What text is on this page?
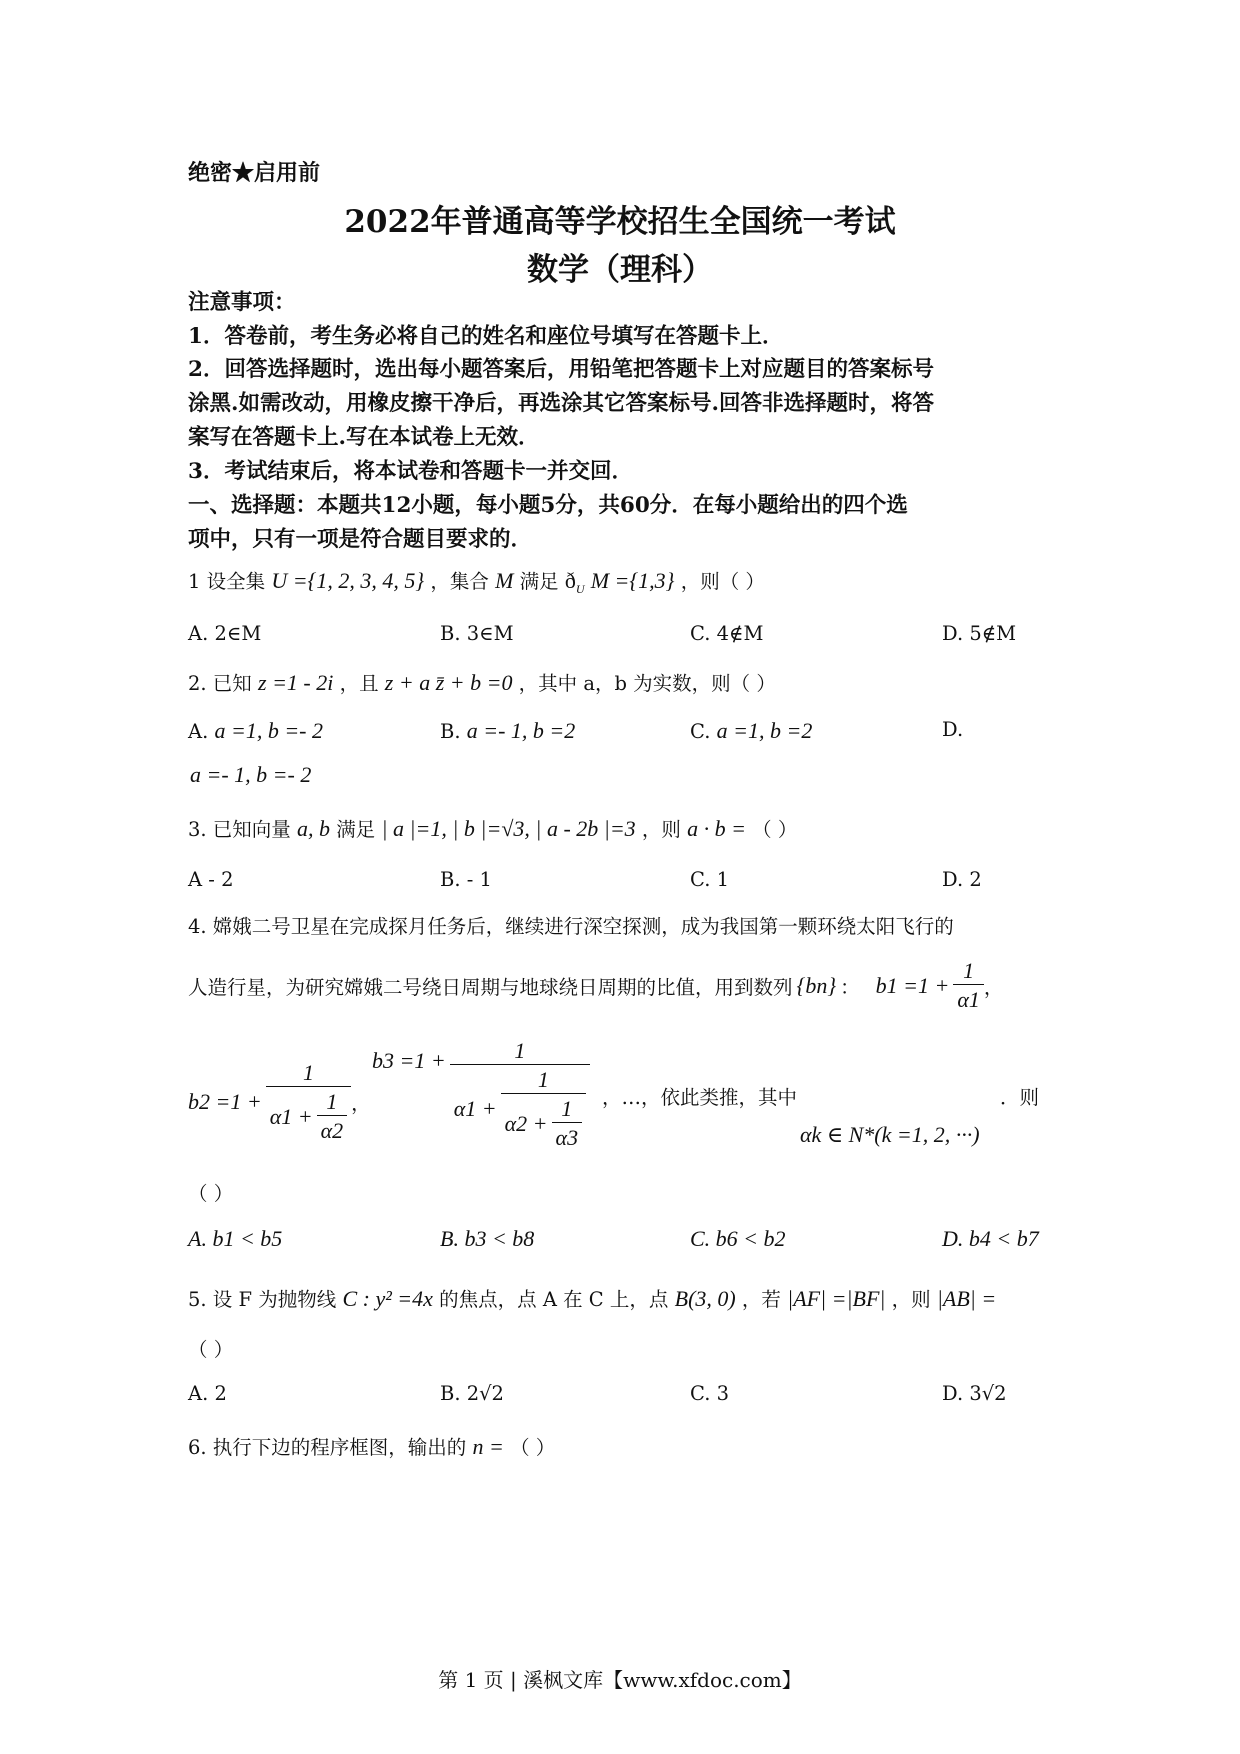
绝密★启用前
2022年普通高等学校招生全国统一考试
数学（理科）
注意事项：
1．答卷前，考生务必将自己的姓名和座位号填写在答题卡上．
2．回答选择题时，选出每小题答案后，用铅笔把答题卡上对应题目的答案标号
涂黑.如需改动，用橡皮擦干净后，再选涂其它答案标号.回答非选择题时，将答
案写在答题卡上.写在本试卷上无效．
3．考试结束后，将本试卷和答题卡一并交回．
一、选择题：本题共12小题，每小题5分，共60分．在每小题给出的四个选
项中，只有一项是符合题目要求的．
1 设全集 U ={1, 2, 3, 4, 5} ，集合 M 满足 $ð_U$ M ={1,3} ，则（ ）
A. 2∈M	B. 3∈M	C. 4∉M	D. 5∉M
2. 已知 z =1 - 2i ，且 z + a z̄ + b =0 ，其中 a，b 为实数，则（ ）
A. a =1, b =- 2	B. a =- 1, b =2	C. a =1, b =2	D.
a =- 1, b =- 2
3. 已知向量 a, b 满足 | a |=1, | b |=√3, | a - 2b |=3 ，则 a · b = （ ）
A - 2	B. - 1	C. 1	D. 2
4. 嫦娥二号卫星在完成探月任务后，继续进行深空探测，成为我国第一颗环绕太阳飞行的
人造行星，为研究嫦娥二号绕日周期与地球绕日周期的比值，用到数列 {bn} ： $b1 =1 + \frac{1}{\alpha 1}$ ，
$b2 =1 + \frac{1}{\alpha 1 + \frac{1}{\alpha 2}}$ ，
b3 =1 +	1
$\alpha 1 + \frac{1}{\alpha 2 + \frac{1}{\alpha 3}}$ ，…，依此类推，其中
αk ∈ N*(k =1, 2, ···)
．则
（ ）
A. b1 < b5	B. b3 < b8	C. b6 < b2	D. b4 < b7
5. 设 F 为抛物线 C : y² =4x 的焦点，点 A 在 C 上，点 B(3, 0) ，若 |AF| =|BF| ，则 |AB| =
（ ）
A. 2	B. 2√2	C. 3	D. 3√2
6. 执行下边的程序框图，输出的 n = （ ）
第 1 页 | 溪枫文库【www.xfdoc.com】
